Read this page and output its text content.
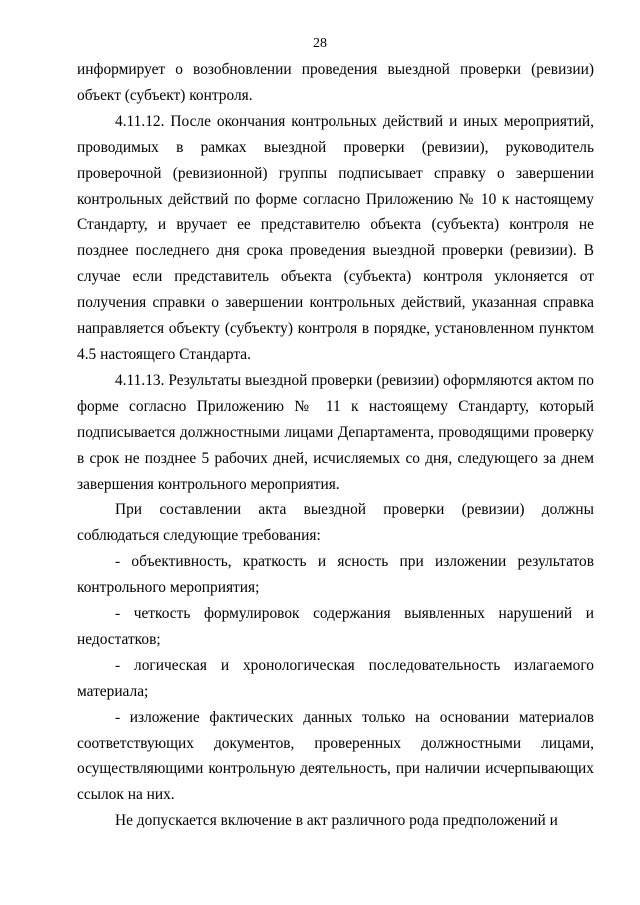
28

информирует о возобновлении проведения выездной проверки (ревизии) объект (субъект) контроля.

4.11.12. После окончания контрольных действий и иных мероприятий, проводимых в рамках выездной проверки (ревизии), руководитель проверочной (ревизионной) группы подписывает справку о завершении контрольных действий по форме согласно Приложению № 10 к настоящему Стандарту, и вручает ее представителю объекта (субъекта) контроля не позднее последнего дня срока проведения выездной проверки (ревизии). В случае если представитель объекта (субъекта) контроля уклоняется от получения справки о завершении контрольных действий, указанная справка направляется объекту (субъекту) контроля в порядке, установленном пунктом 4.5 настоящего Стандарта.

4.11.13. Результаты выездной проверки (ревизии) оформляются актом по форме согласно Приложению № 11 к настоящему Стандарту, который подписывается должностными лицами Департамента, проводящими проверку в срок не позднее 5 рабочих дней, исчисляемых со дня, следующего за днем завершения контрольного мероприятия.

При составлении акта выездной проверки (ревизии) должны соблюдаться следующие требования:

- объективность, краткость и ясность при изложении результатов контрольного мероприятия;

- четкость формулировок содержания выявленных нарушений и недостатков;

- логическая и хронологическая последовательность излагаемого материала;

- изложение фактических данных только на основании материалов соответствующих документов, проверенных должностными лицами, осуществляющими контрольную деятельность, при наличии исчерпывающих ссылок на них.

Не допускается включение в акт различного рода предположений и
